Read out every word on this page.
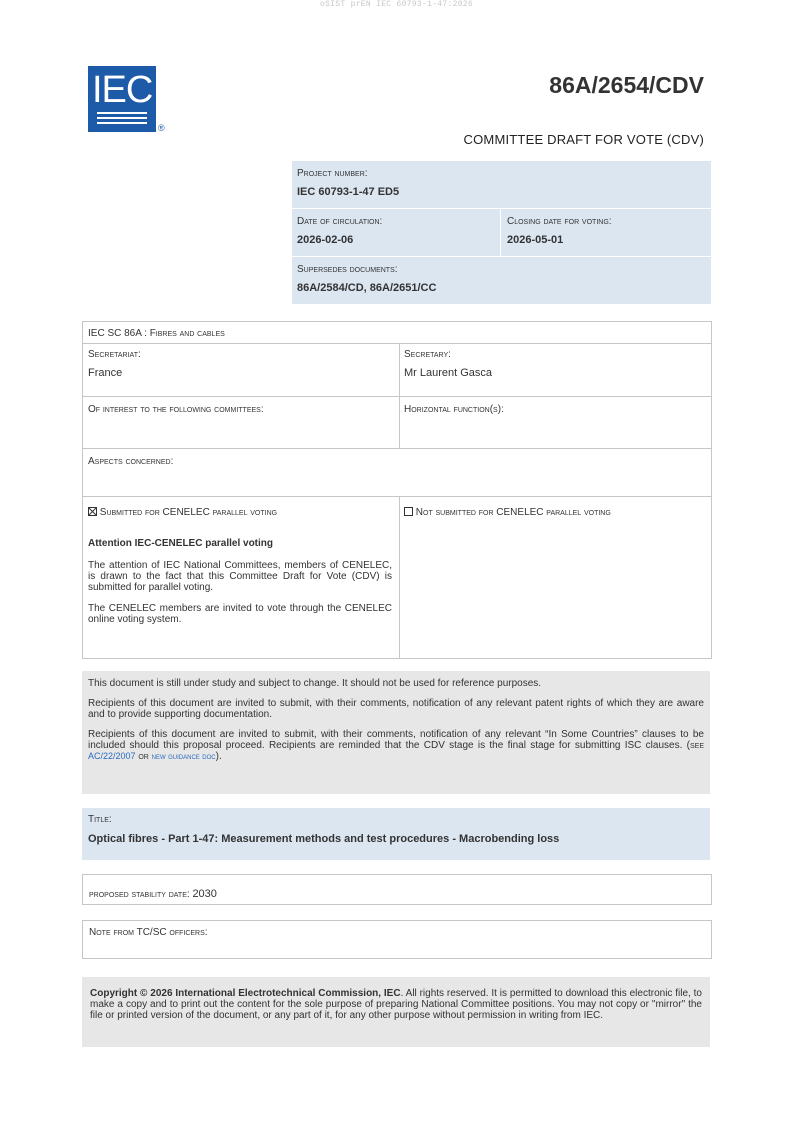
oSIST prEN IEC 60793-1-47:2026
IEC
®
86A/2654/CDV
COMMITTEE DRAFT FOR VOTE (CDV)
Project number:
IEC 60793-1-47 ED5
Date of circulation:
2026-02-06
Closing date for voting:
2026-05-01
Supersedes documents:
86A/2584/CD, 86A/2651/CC
IEC SC 86A : Fibres and cables
Secretariat:
France
Secretary:
Mr Laurent Gasca
Of interest to the following committees:	Horizontal function(s):
Aspects concerned:
Submitted for CENELEC parallel voting
Attention IEC-CENELEC parallel voting

The attention of IEC National Committees, members of CENELEC, is drawn to the fact that this Committee Draft for Vote (CDV) is submitted for parallel voting.

The CENELEC members are invited to vote through the CENELEC online voting system.

Not submitted for CENELEC parallel voting

This document is still under study and subject to change. It should not be used for reference purposes.

Recipients of this document are invited to submit, with their comments, notification of any relevant patent rights of which they are aware and to provide supporting documentation.

Recipients of this document are invited to submit, with their comments, notification of any relevant “In Some Countries” clauses to be included should this proposal proceed. Recipients are reminded that the CDV stage is the final stage for submitting ISC clauses. (see AC/22/2007 or new guidance doc).

Title:
Optical fibres - Part 1-47: Measurement methods and test procedures - Macrobending loss
proposed stability date: 2030
Note from TC/SC officers:

Copyright © 2026 International Electrotechnical Commission, IEC. All rights reserved. It is permitted to download this electronic file, to make a copy and to print out the content for the sole purpose of preparing National Committee positions. You may not copy or "mirror" the file or printed version of the document, or any part of it, for any other purpose without permission in writing from IEC.
